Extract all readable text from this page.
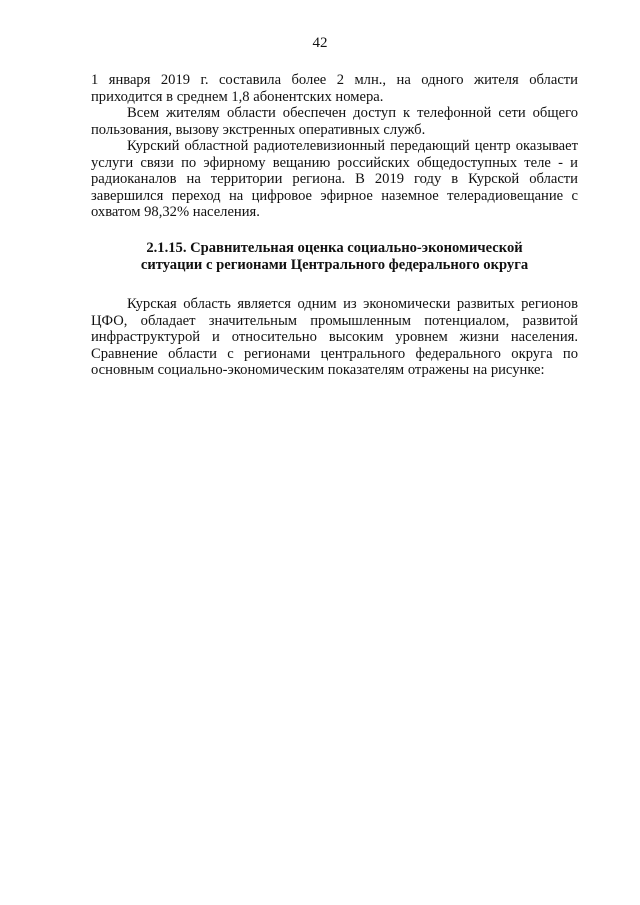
42

1 января 2019 г. составила более 2 млн., на одного жителя области приходится в среднем 1,8 абонентских номера.

Всем жителям области обеспечен доступ к телефонной сети общего пользования, вызову экстренных оперативных служб.

Курский областной радиотелевизионный передающий центр оказывает услуги связи по эфирному вещанию российских общедоступных теле - и радиоканалов на территории региона. В 2019 году в Курской области завершился переход на цифровое эфирное наземное телерадиовещание с охватом 98,32% населения.

2.1.15. Сравнительная оценка социально-экономической
ситуации с регионами Центрального федерального округа

Курская область является одним из экономически развитых регионов ЦФО, обладает значительным промышленным потенциалом, развитой инфраструктурой и относительно высоким уровнем жизни населения. Сравнение области с регионами центрального федерального округа по основным социально-экономическим показателям отражены на рисунке:
